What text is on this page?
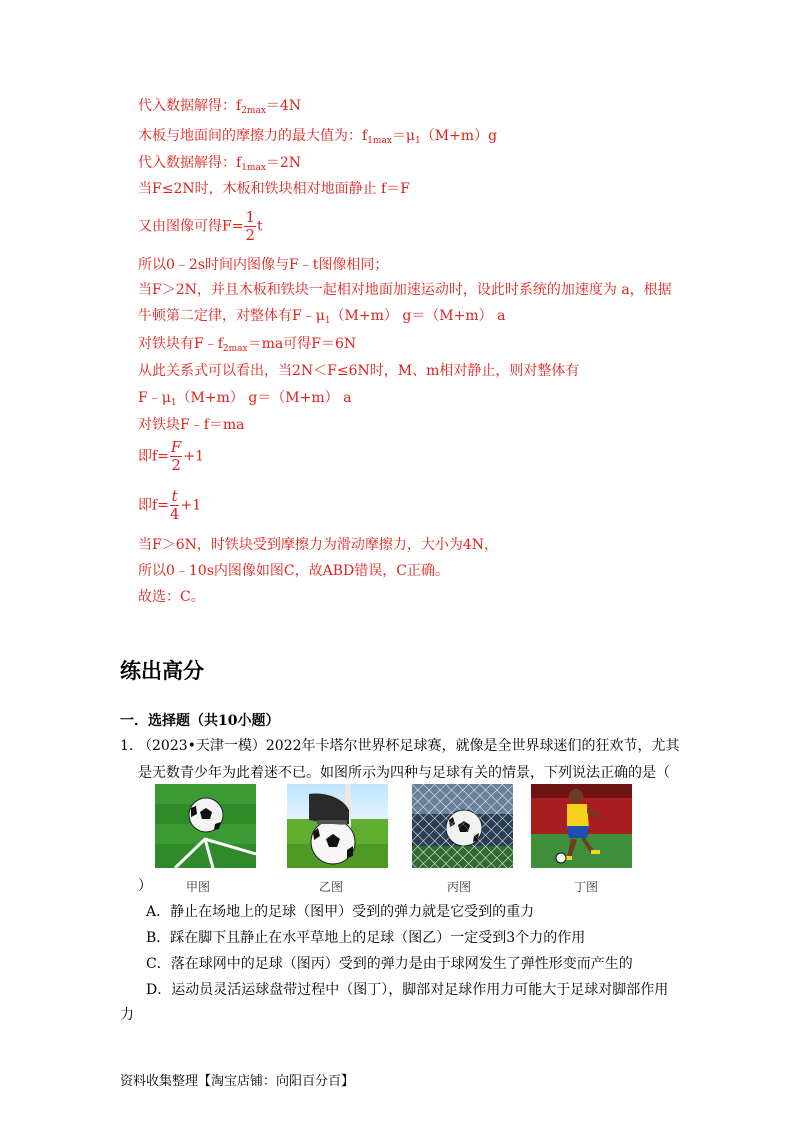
代入数据解得：$f_{2max}=4N$
木板与地面间的摩擦力的最大值为：$f_{1max}=\mu_1(M+m)g$
代入数据解得：$f_{1max}=2N$
当F≤2N时，木板和铁块相对地面静止 f＝F
又由图像可得$F= \frac{1}{2}$ t
所以0﹣2s时间内图像与F﹣t图像相同；
当F＞2N，并且木板和铁块一起相对地面加速运动时，设此时系统的加速度为 a，根据
牛顿第二定律，对整体有$F﹣\mu_1(M+m)$ g＝（M+m） a
对铁块有$F﹣f_{2max}=ma$可得F＝6N
从此关系式可以看出，当2N＜F≤6N时，M、m相对静止，则对整体有
$F﹣\mu_1(M+m)$ g＝（M+m） a
对铁块F﹣f＝ma
即$f= \frac{F}{2} +1$
即$f= \frac{t}{4} +1$
当F＞6N，时铁块受到摩擦力为滑动摩擦力，大小为4N，
所以0﹣10s内图像如图C，故ABD错误，C正确。
故选：C。
练出高分
一．选择题（共10小题）
1. （2023•天津一模）2022年卡塔尔世界杯足球赛，就像是全世界球迷们的狂欢节，尤其
是无数青少年为此着迷不已。如图所示为四种与足球有关的情景，下列说法正确的是（
）	甲图	乙图	丙图	丁图
A．静止在场地上的足球（图甲）受到的弹力就是它受到的重力
B．踩在脚下且静止在水平草地上的足球（图乙）一定受到3个力的作用
C．落在球网中的足球（图丙）受到的弹力是由于球网发生了弹性形变而产生的
D．运动员灵活运球盘带过程中（图丁），脚部对足球作用力可能大于足球对脚部作用
力
资料收集整理【淘宝店铺：向阳百分百】
